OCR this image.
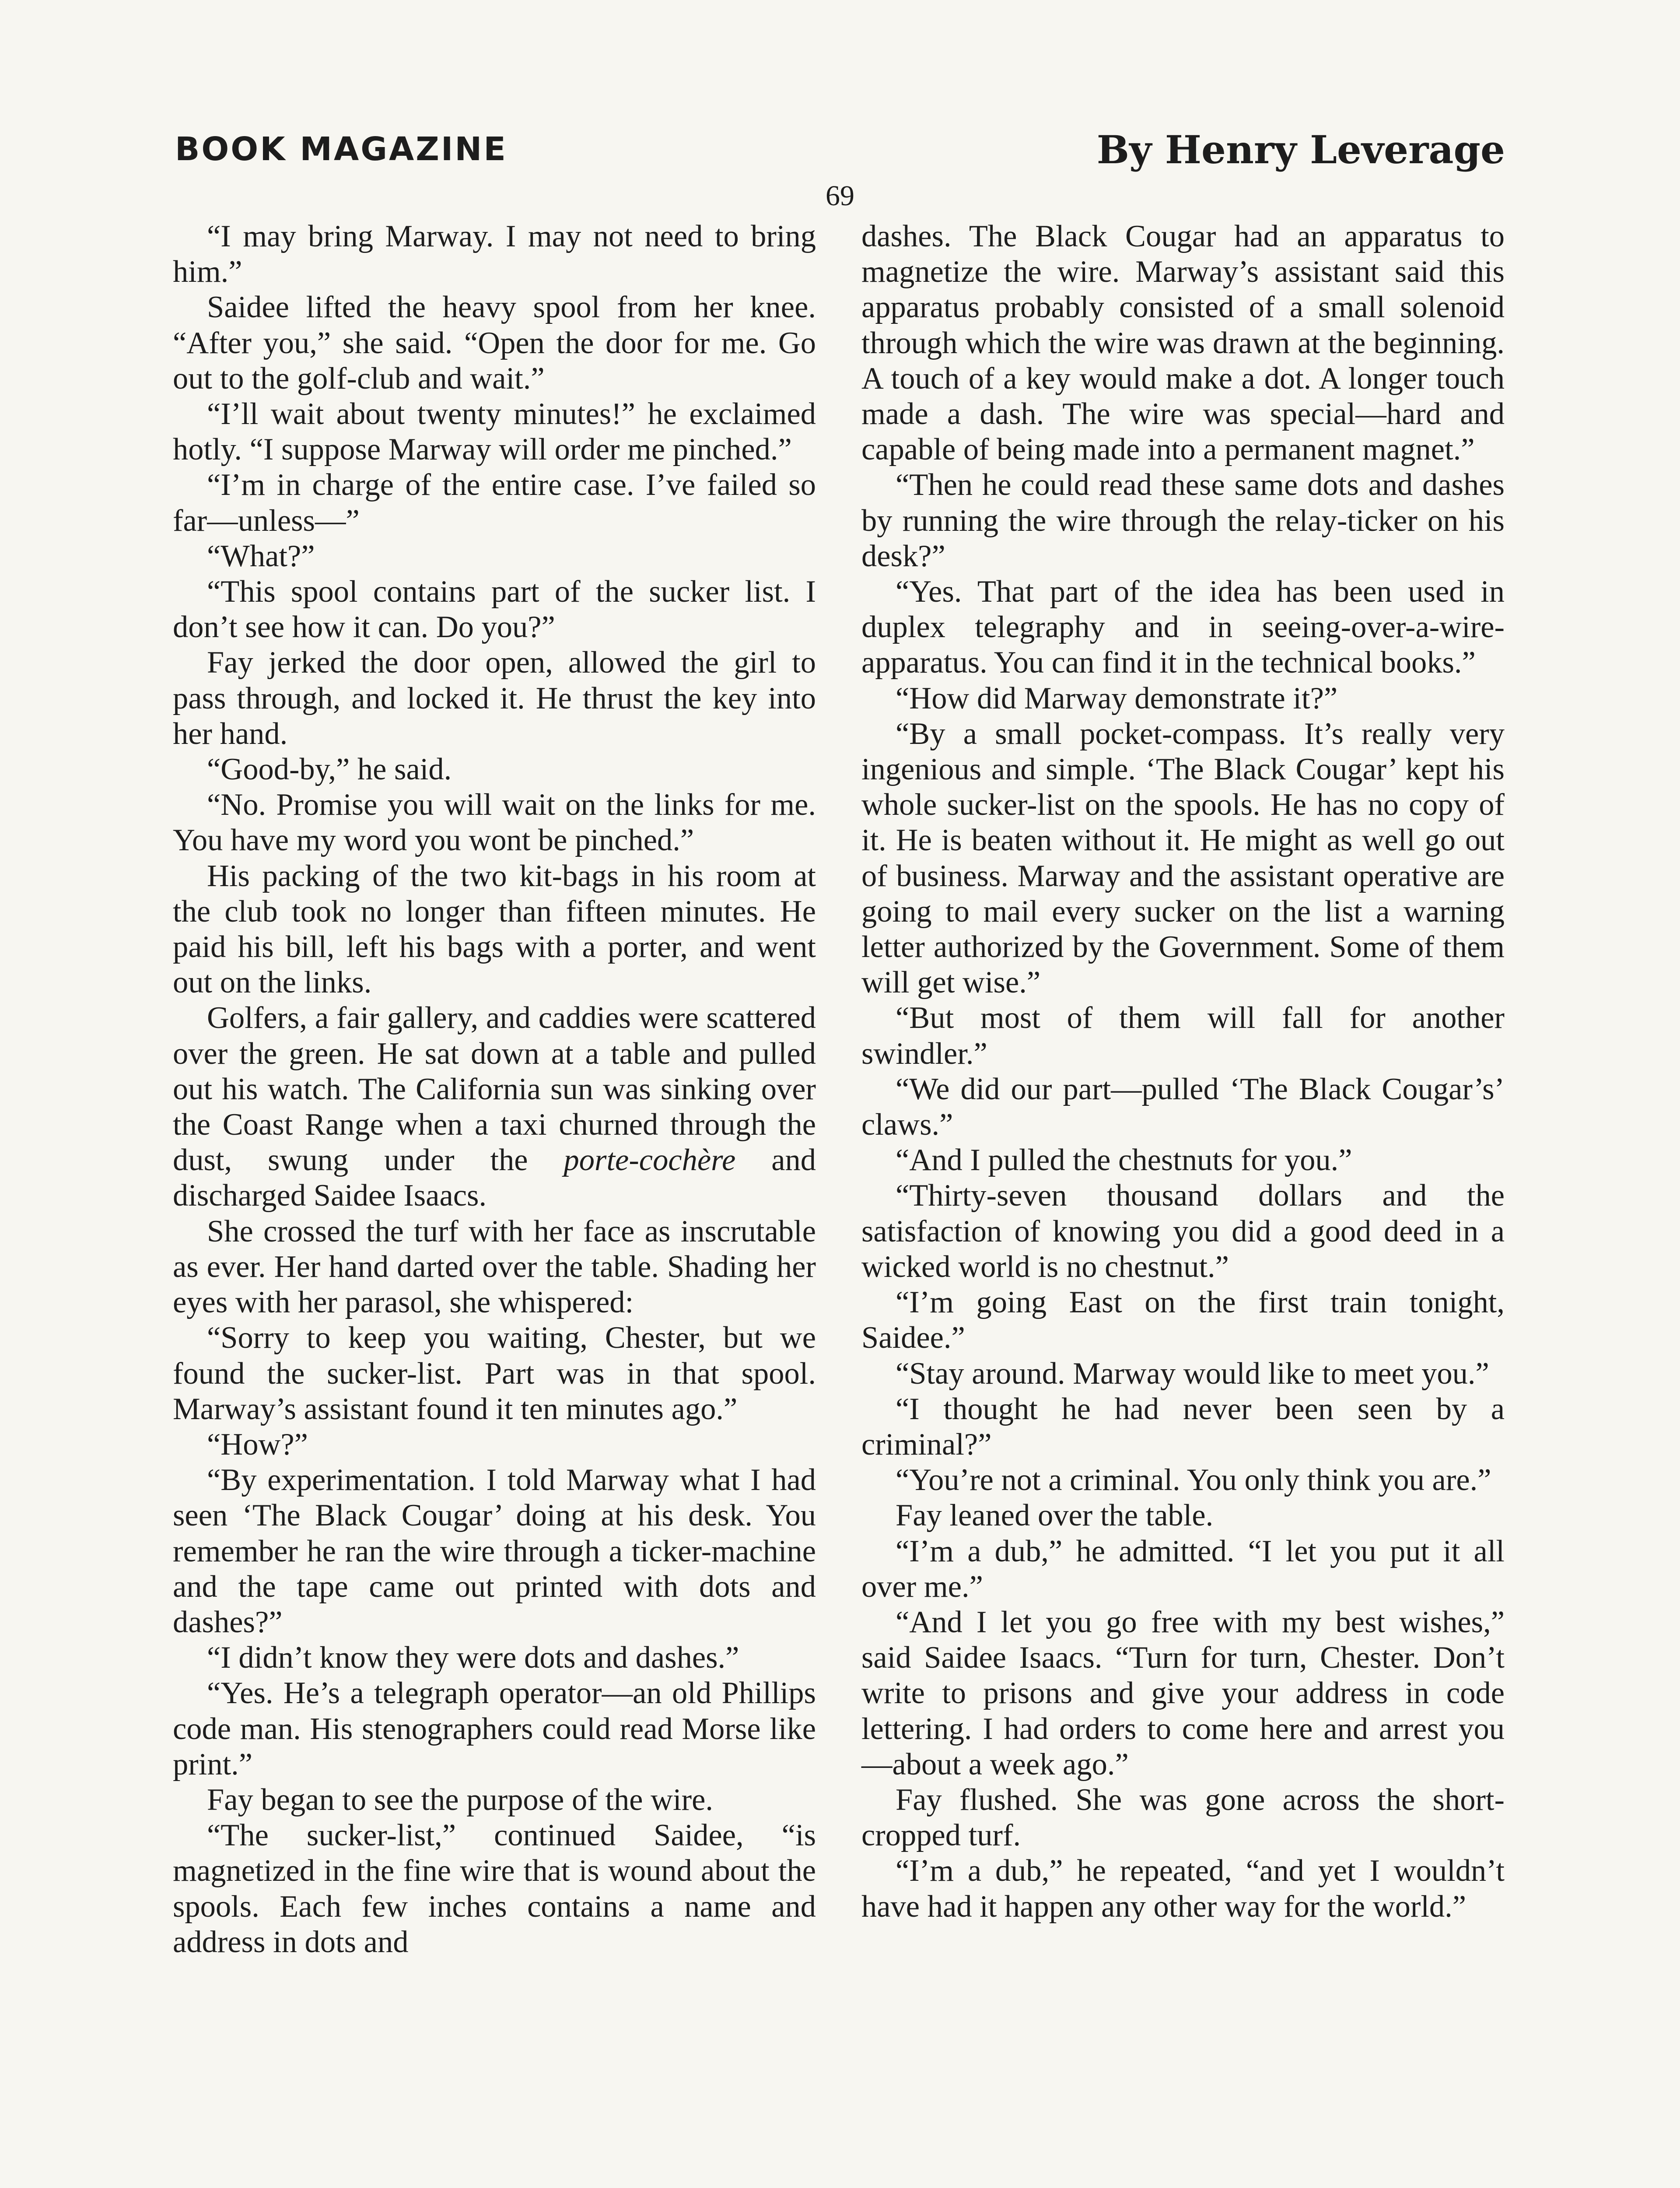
BOOK MAGAZINE	By Henry Leverage
69

“I may bring Marway. I may not need to bring him.”

Saidee lifted the heavy spool from her knee. “After you,” she said. “Open the door for me. Go out to the golf-club and wait.”

“I’ll wait about twenty minutes!” he exclaimed hotly. “I suppose Marway will order me pinched.”

“I’m in charge of the entire case. I’ve failed so far—unless—”

“What?”

“This spool contains part of the sucker list. I don’t see how it can. Do you?”

Fay jerked the door open, allowed the girl to pass through, and locked it. He thrust the key into her hand.

“Good-by,” he said.

“No. Promise you will wait on the links for me. You have my word you wont be pinched.”

His packing of the two kit-bags in his room at the club took no longer than fifteen minutes. He paid his bill, left his bags with a porter, and went out on the links.

Golfers, a fair gallery, and caddies were scattered over the green. He sat down at a table and pulled out his watch. The California sun was sinking over the Coast Range when a taxi churned through the dust, swung under the porte-cochère and discharged Saidee Isaacs.

She crossed the turf with her face as inscrutable as ever. Her hand darted over the table. Shading her eyes with her parasol, she whispered:

“Sorry to keep you waiting, Chester, but we found the sucker-list. Part was in that spool. Marway’s assistant found it ten minutes ago.”

“How?”

“By experimentation. I told Marway what I had seen ‘The Black Cougar’ doing at his desk. You remember he ran the wire through a ticker-machine and the tape came out printed with dots and dashes?”

“I didn’t know they were dots and dashes.”

“Yes. He’s a telegraph operator—an old Phillips code man. His stenographers could read Morse like print.”

Fay began to see the purpose of the wire.

“The sucker-list,” continued Saidee, “is magnetized in the fine wire that is wound about the spools. Each few inches contains a name and address in dots and

dashes. The Black Cougar had an apparatus to magnetize the wire. Marway’s assistant said this apparatus probably consisted of a small solenoid through which the wire was drawn at the beginning. A touch of a key would make a dot. A longer touch made a dash. The wire was special—hard and capable of being made into a permanent magnet.”

“Then he could read these same dots and dashes by running the wire through the relay-ticker on his desk?”

“Yes. That part of the idea has been used in duplex telegraphy and in seeing-over-a-wire-apparatus. You can find it in the technical books.”

“How did Marway demonstrate it?”

“By a small pocket-compass. It’s really very ingenious and simple. ‘The Black Cougar’ kept his whole sucker-list on the spools. He has no copy of it. He is beaten without it. He might as well go out of business. Marway and the assistant operative are going to mail every sucker on the list a warning letter authorized by the Government. Some of them will get wise.”

“But most of them will fall for another swindler.”

“We did our part—pulled ‘The Black Cougar’s’ claws.”

“And I pulled the chestnuts for you.”

“Thirty-seven thousand dollars and the satisfaction of knowing you did a good deed in a wicked world is no chestnut.”

“I’m going East on the first train tonight, Saidee.”

“Stay around. Marway would like to meet you.”

“I thought he had never been seen by a criminal?”

“You’re not a criminal. You only think you are.”

Fay leaned over the table.

“I’m a dub,” he admitted. “I let you put it all over me.”

“And I let you go free with my best wishes,” said Saidee Isaacs. “Turn for turn, Chester. Don’t write to prisons and give your address in code lettering. I had orders to come here and arrest you—about a week ago.”

Fay flushed. She was gone across the short-cropped turf.

“I’m a dub,” he repeated, “and yet I wouldn’t have had it happen any other way for the world.”
